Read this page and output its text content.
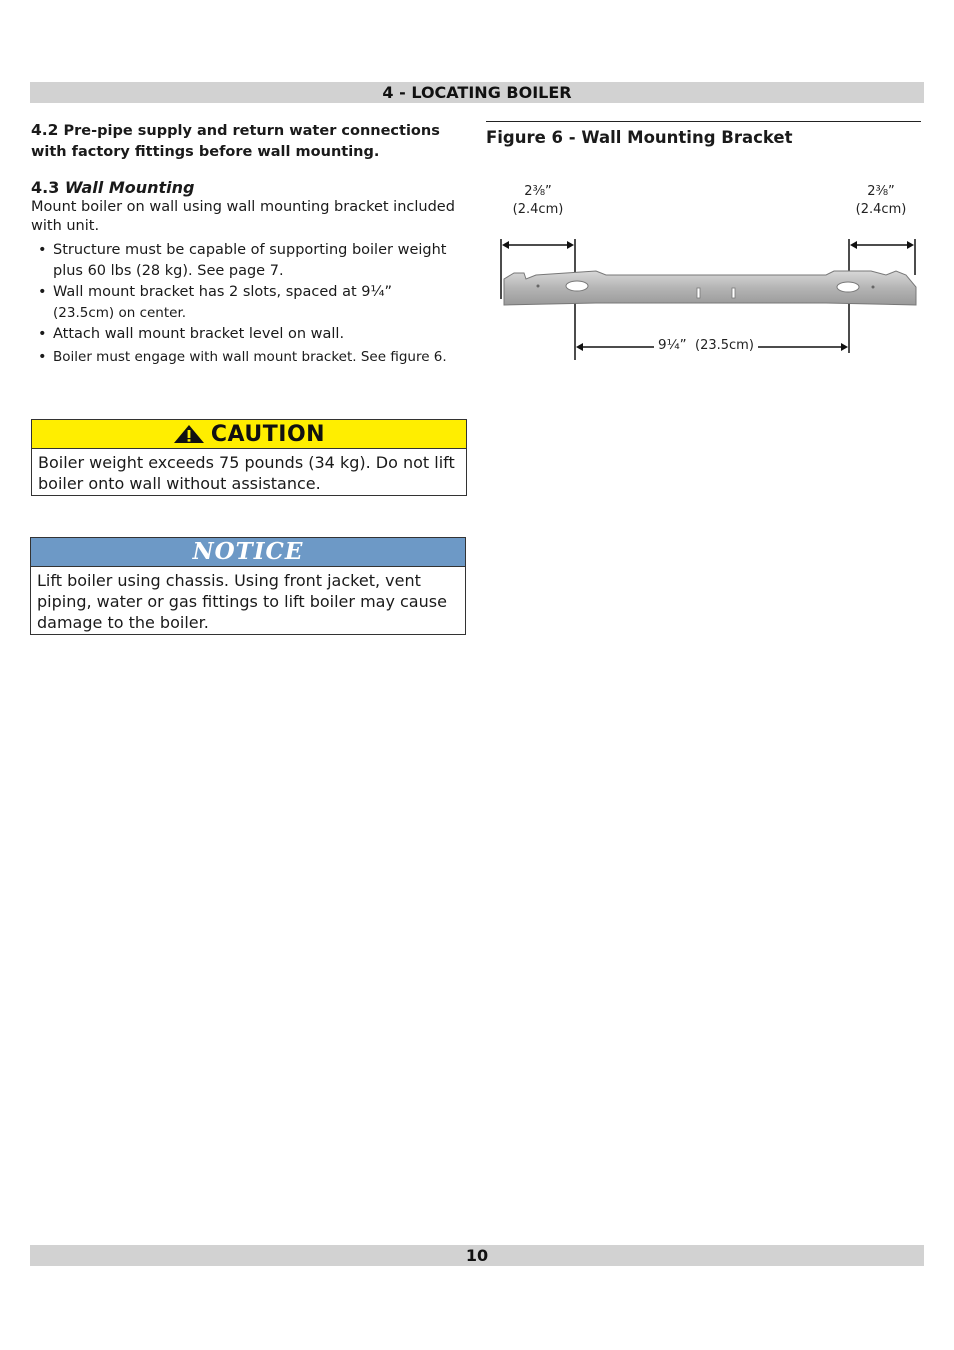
4 - LOCATING BOILER

4.2 Pre-pipe supply and return water connections with factory fittings before wall mounting.

4.3 Wall Mounting

Mount boiler on wall using wall mounting bracket included with unit.

• Structure must be capable of supporting boiler weight plus 60 lbs (28 kg). See page 7.
• Wall mount bracket has 2 slots, spaced at 9¼”
(23.5cm) on center.
• Attach wall mount bracket level on wall.
• Boiler must engage with wall mount bracket. See figure 6.
CAUTION
Boiler weight exceeds 75 pounds (34 kg). Do not lift boiler onto wall without assistance.
NOTICE
Lift boiler using chassis. Using front jacket, vent piping, water or gas fittings to lift boiler may cause damage to the boiler.
Figure 6 - Wall Mounting Bracket
2⅜”
(2.4cm)
2⅜”
(2.4cm)
9¼” (23.5cm)
10
